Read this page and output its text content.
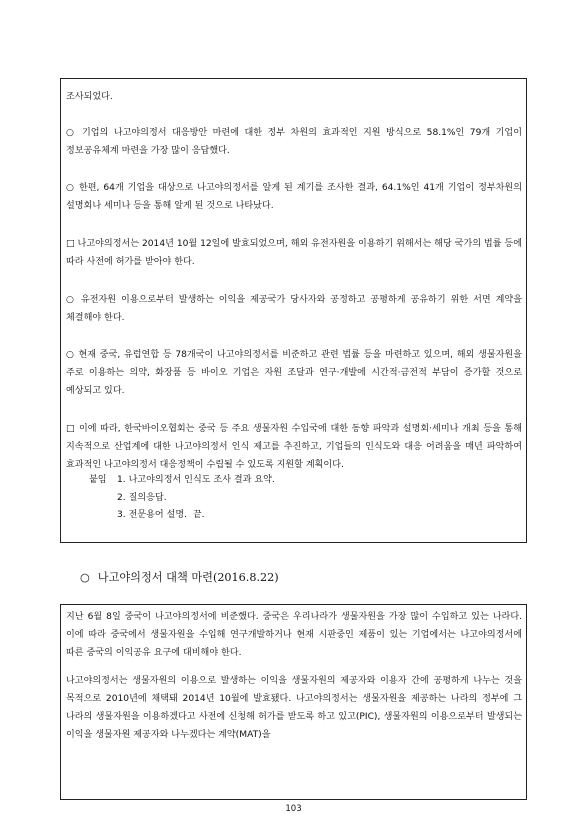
조사되었다.

○ 기업의 나고야의정서 대응방안 마련에 대한 정부 차원의 효과적인 지원 방식으로 58.1%인 79개 기업이 정보공유체계 마련을 가장 많이 응답했다.

○ 한편, 64개 기업을 대상으로 나고야의정서를 알게 된 계기를 조사한 결과, 64.1%인 41개 기업이 정부차원의 설명회나 세미나 등을 통해 알게 된 것으로 나타났다.

□ 나고야의정서는 2014년 10월 12일에 발효되었으며, 해외 유전자원을 이용하기 위해서는 해당 국가의 법률 등에 따라 사전에 허가를 받아야 한다.

○ 유전자원 이용으로부터 발생하는 이익을 제공국가 당사자와 공정하고 공평하게 공유하기 위한 서면 계약을 체결해야 한다.

○ 현재 중국, 유럽연합 등 78개국이 나고야의정서를 비준하고 관련 법률 등을 마련하고 있으며, 해외 생물자원을 주로 이용하는 의약, 화장품 등 바이오 기업은 자원 조달과 연구·개발에 시간적·금전적 부담이 증가할 것으로 예상되고 있다.

□ 이에 따라, 한국바이오협회는 중국 등 주요 생물자원 수입국에 대한 동향 파악과 설명회·세미나 개최 등을 통해 지속적으로 산업계에 대한 나고야의정서 인식 제고를 추진하고, 기업들의 인식도와 대응 어려움을 매년 파악하여 효과적인 나고야의정서 대응정책이 수립될 수 있도록 지원할 계획이다.

붙임	1. 나고야의정서 인식도 조사 결과 요약.
2. 질의응답.
3. 전문용어 설명.  끝.
○ 나고야의정서 대책 마련(2016.8.22)

지난 6월 8일 중국이 나고야의정서에 비준했다. 중국은 우리나라가 생물자원을 가장 많이 수입하고 있는 나라다. 이에 따라 중국에서 생물자원을 수입해 연구개발하거나 현재 시판중인 제품이 있는 기업에서는 나고야의정서에 따른 중국의 이익공유 요구에 대비해야 한다.

나고야의정서는 생물자원의 이용으로 발생하는 이익을 생물자원의 제공자와 이용자 간에 공평하게 나누는 것을 목적으로 2010년에 채택돼 2014년 10월에 발효됐다. 나고야의정서는 생물자원을 제공하는 나라의 정부에 그 나라의 생물자원을 이용하겠다고 사전에 신청해 허가를 받도록 하고 있고(PIC), 생물자원의 이용으로부터 발생되는 이익을 생물자원 제공자와 나누겠다는 계약(MAT)을

103
